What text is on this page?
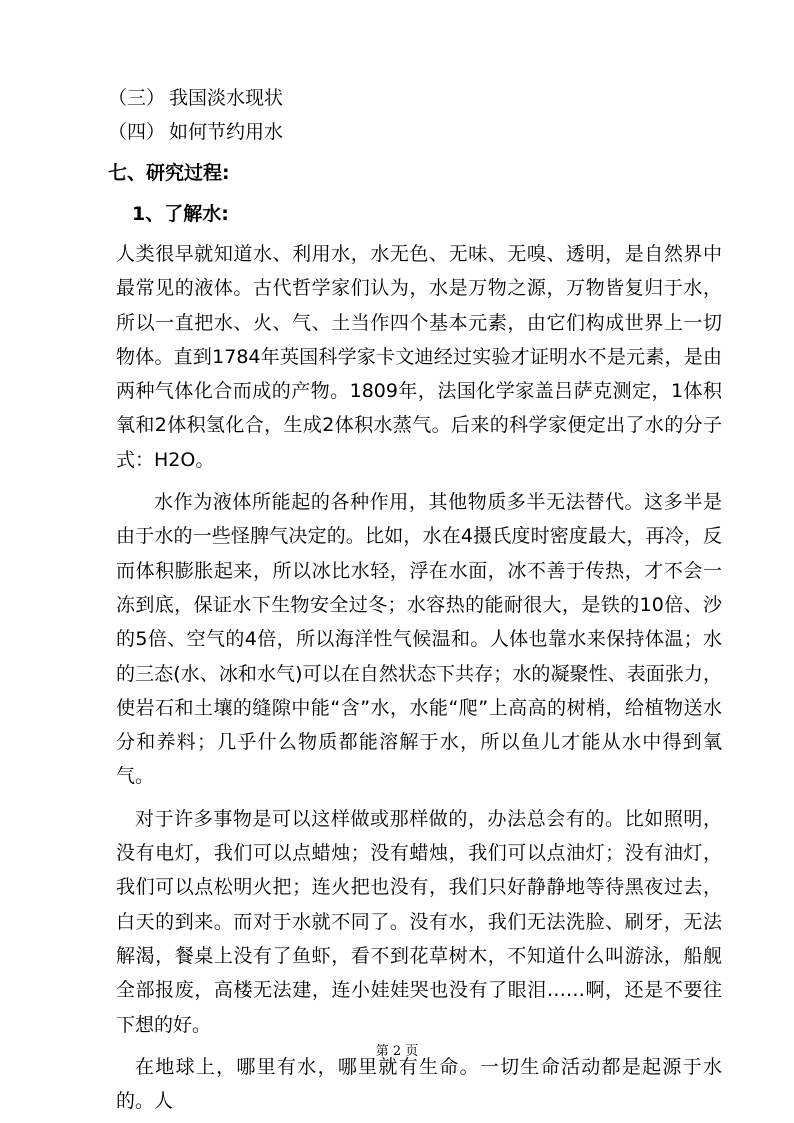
（三） 我国淡水现状
（四） 如何节约用水
七、研究过程:
1、了解水:

人类很早就知道水、利用水，水无色、无味、无嗅、透明，是自然界中最常见的液体。古代哲学家们认为，水是万物之源，万物皆复归于水，所以一直把水、火、气、土当作四个基本元素，由它们构成世界上一切物体。直到1784年英国科学家卡文迪经过实验才证明水不是元素，是由两种气体化合而成的产物。1809年，法国化学家盖吕萨克测定，1体积氧和2体积氢化合，生成2体积水蒸气。后来的科学家便定出了水的分子式：H2O。

水作为液体所能起的各种作用，其他物质多半无法替代。这多半是由于水的一些怪脾气决定的。比如，水在4摄氏度时密度最大，再冷，反而体积膨胀起来，所以冰比水轻，浮在水面，冰不善于传热，才不会一冻到底，保证水下生物安全过冬；水容热的能耐很大，是铁的10倍、沙的5倍、空气的4倍，所以海洋性气候温和。人体也靠水来保持体温；水的三态(水、冰和水气)可以在自然状态下共存；水的凝聚性、表面张力，使岩石和土壤的缝隙中能“含”水，水能“爬”上高高的树梢，给植物送水分和养料；几乎什么物质都能溶解于水，所以鱼儿才能从水中得到氧气。

对于许多事物是可以这样做或那样做的，办法总会有的。比如照明，没有电灯，我们可以点蜡烛；没有蜡烛，我们可以点油灯；没有油灯，我们可以点松明火把；连火把也没有，我们只好静静地等待黑夜过去，白天的到来。而对于水就不同了。没有水，我们无法洗脸、刷牙，无法解渴，餐桌上没有了鱼虾，看不到花草树木，不知道什么叫游泳，船舰全部报废，高楼无法建，连小娃娃哭也没有了眼泪……啊，还是不要往下想的好。

在地球上，哪里有水，哪里就有生命。一切生命活动都是起源于水的。人

第 2 页
